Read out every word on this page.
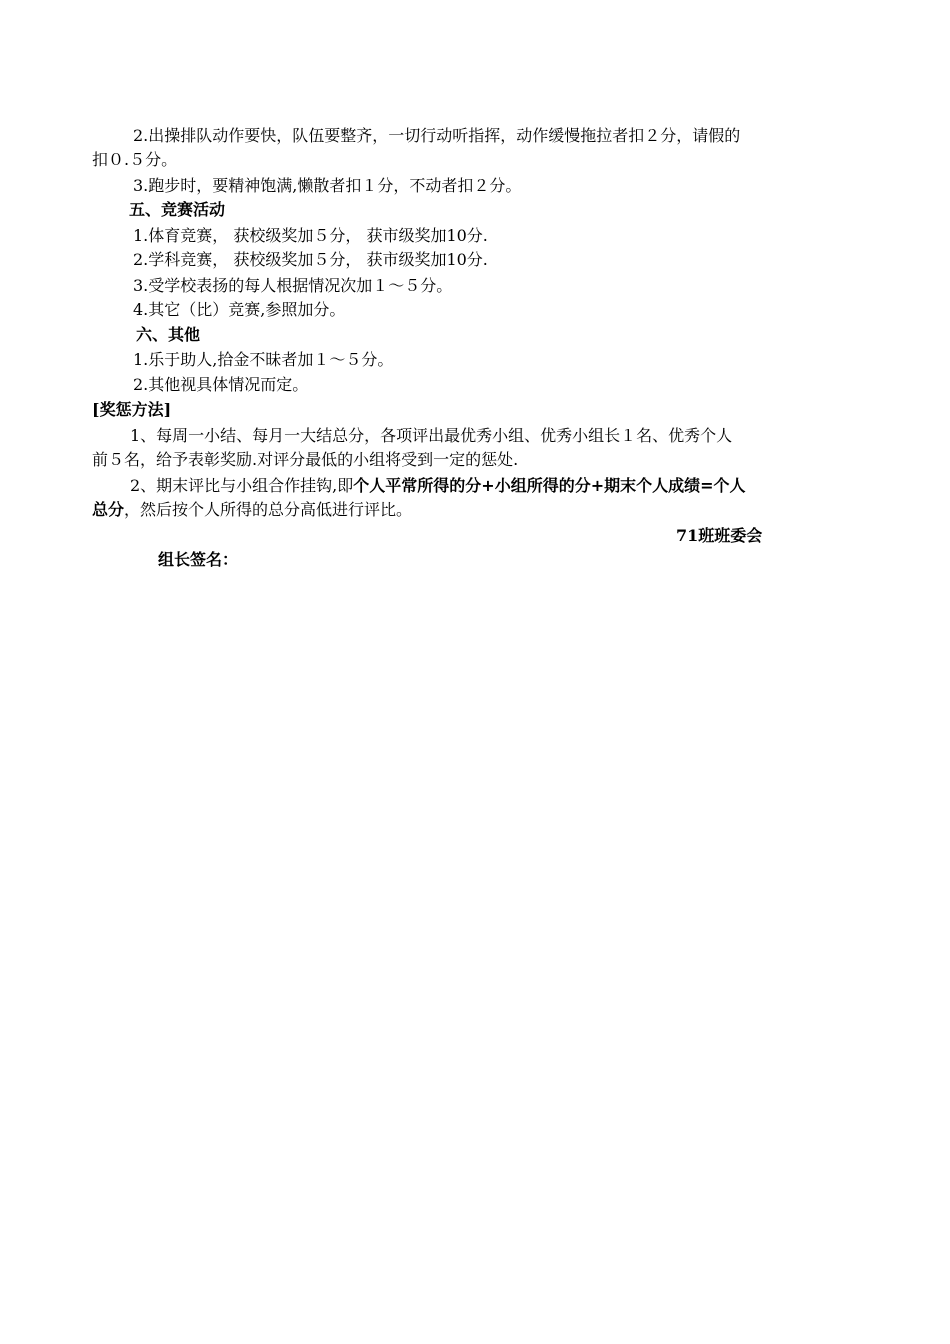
2.出操排队动作要快，队伍要整齐，一切行动听指挥，动作缓慢拖拉者扣２分，请假的
扣０.５分。
3.跑步时，要精神饱满,懒散者扣１分，不动者扣２分。
五、竞赛活动
1.体育竞赛， 获校级奖加５分， 获市级奖加10分.
2.学科竞赛， 获校级奖加５分， 获市级奖加10分.
3.受学校表扬的每人根据情况次加１～５分。
4.其它（比）竞赛,参照加分。
六、其他
1.乐于助人,拾金不昧者加１～５分。
2.其他视具体情况而定。
[奖惩方法]
1、每周一小结、每月一大结总分，各项评出最优秀小组、优秀小组长１名、优秀个人
前５名，给予表彰奖励.对评分最低的小组将受到一定的惩处.
2、期末评比与小组合作挂钩,即个人平常所得的分+小组所得的分+期末个人成绩=个人
总分，然后按个人所得的总分高低进行评比。
71班班委会
组长签名：
